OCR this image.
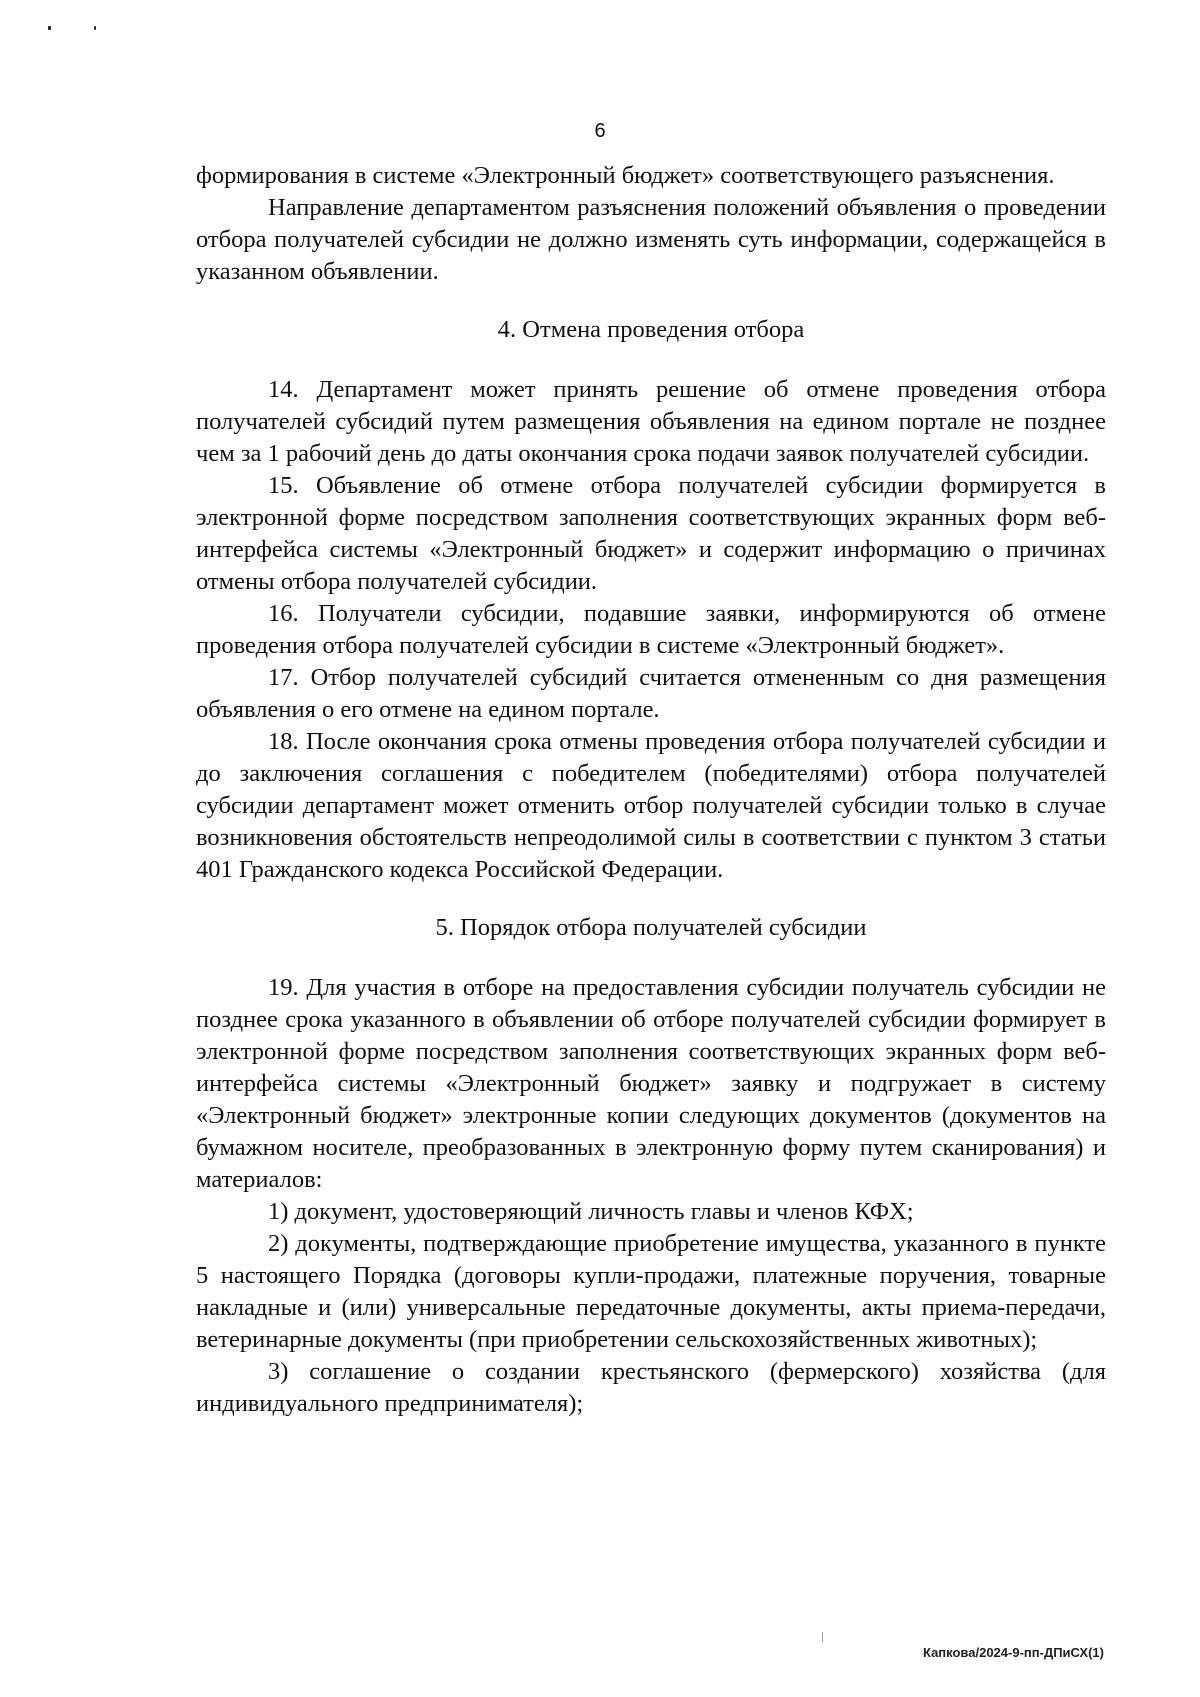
6

формирования в системе «Электронный бюджет» соответствующего разъяснения.

Направление департаментом разъяснения положений объявления о проведении отбора получателей субсидии не должно изменять суть информации, содержащейся в указанном объявлении.

4. Отмена проведения отбора

14. Департамент может принять решение об отмене проведения отбора получателей субсидий путем размещения объявления на едином портале не позднее чем за 1 рабочий день до даты окончания срока подачи заявок получателей субсидии.

15. Объявление об отмене отбора получателей субсидии формируется в электронной форме посредством заполнения соответствующих экранных форм веб-интерфейса системы «Электронный бюджет» и содержит информацию о причинах отмены отбора получателей субсидии.

16. Получатели субсидии, подавшие заявки, информируются об отмене проведения отбора получателей субсидии в системе «Электронный бюджет».

17. Отбор получателей субсидий считается отмененным со дня размещения объявления о его отмене на едином портале.

18. После окончания срока отмены проведения отбора получателей субсидии и до заключения соглашения с победителем (победителями) отбора получателей субсидии департамент может отменить отбор получателей субсидии только в случае возникновения обстоятельств непреодолимой силы в соответствии с пунктом 3 статьи 401 Гражданского кодекса Российской Федерации.

5. Порядок отбора получателей субсидии

19. Для участия в отборе на предоставления субсидии получатель субсидии не позднее срока указанного в объявлении об отборе получателей субсидии формирует в электронной форме посредством заполнения соответствующих экранных форм веб-интерфейса системы «Электронный бюджет» заявку и подгружает в систему «Электронный бюджет» электронные копии следующих документов (документов на бумажном носителе, преобразованных в электронную форму путем сканирования) и материалов:

1) документ, удостоверяющий личность главы и членов КФХ;

2) документы, подтверждающие приобретение имущества, указанного в пункте 5 настоящего Порядка (договоры купли-продажи, платежные поручения, товарные накладные и (или) универсальные передаточные документы, акты приема-передачи, ветеринарные документы (при приобретении сельскохозяйственных животных);

3) соглашение о создании крестьянского (фермерского) хозяйства (для индивидуального предпринимателя);

Капкова/2024-9-пп-ДПиСХ(1)
